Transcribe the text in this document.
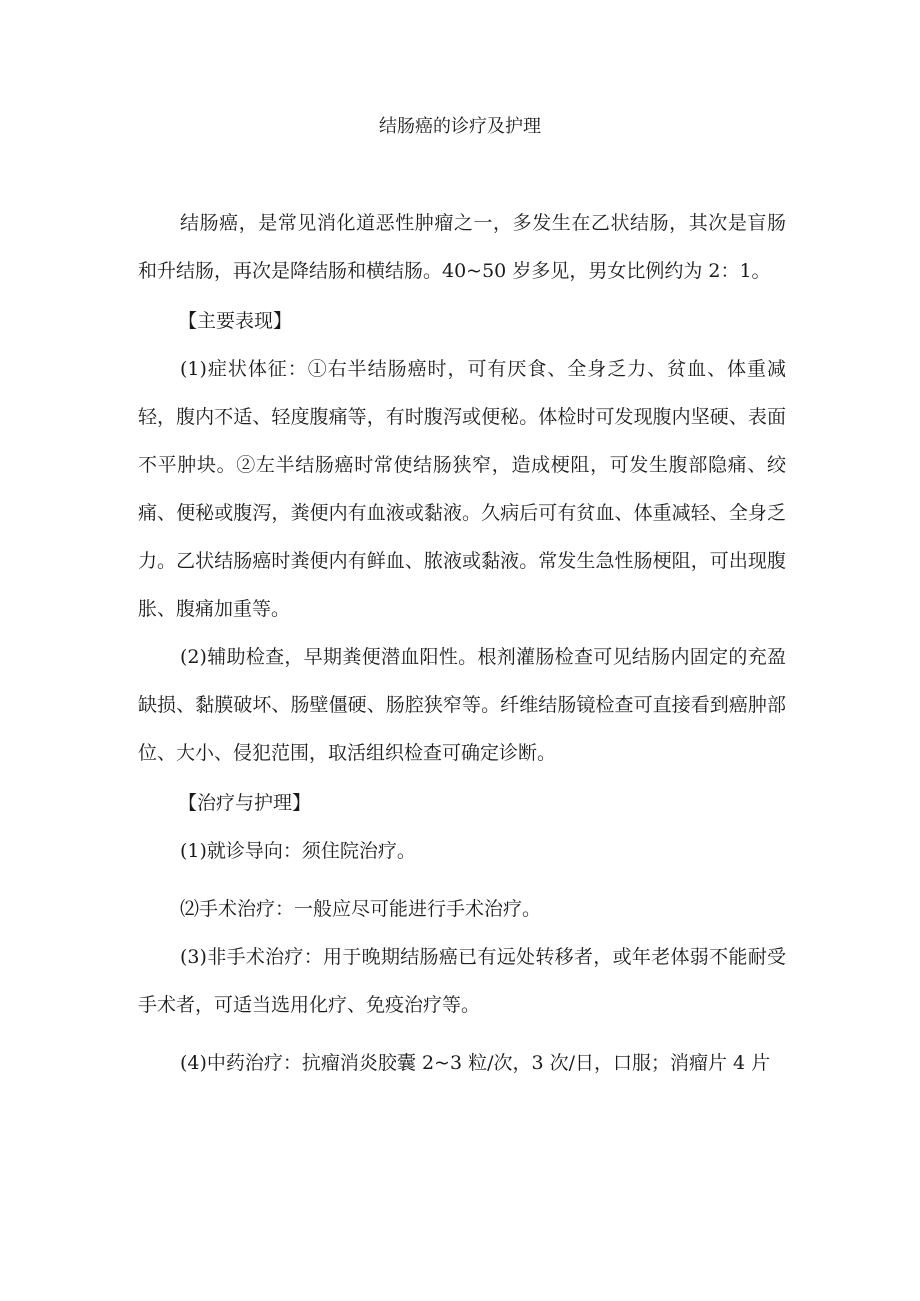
结肠癌的诊疗及护理

结肠癌，是常见消化道恶性肿瘤之一，多发生在乙状结肠，其次是盲肠和升结肠，再次是降结肠和横结肠。40~50 岁多见，男女比例约为 2：1。

【主要表现】

(1)症状体征：①右半结肠癌时，可有厌食、全身乏力、贫血、体重减轻，腹内不适、轻度腹痛等，有时腹泻或便秘。体检时可发现腹内坚硬、表面不平肿块。②左半结肠癌时常使结肠狭窄，造成梗阻，可发生腹部隐痛、绞痛、便秘或腹泻，粪便内有血液或黏液。久病后可有贫血、体重减轻、全身乏力。乙状结肠癌时粪便内有鲜血、脓液或黏液。常发生急性肠梗阻，可出现腹胀、腹痛加重等。

(2)辅助检查，早期粪便潜血阳性。根剂灌肠检查可见结肠内固定的充盈缺损、黏膜破坏、肠壁僵硬、肠腔狭窄等。纤维结肠镜检查可直接看到癌肿部位、大小、侵犯范围，取活组织检查可确定诊断。

【治疗与护理】

(1)就诊导向：须住院治疗。

⑵手术治疗：一般应尽可能进行手术治疗。

(3)非手术治疗：用于晚期结肠癌已有远处转移者，或年老体弱不能耐受手术者，可适当选用化疗、免疫治疗等。

(4)中药治疗：抗瘤消炎胶囊 2~3 粒/次，3 次/日，口服；消瘤片 4 片
